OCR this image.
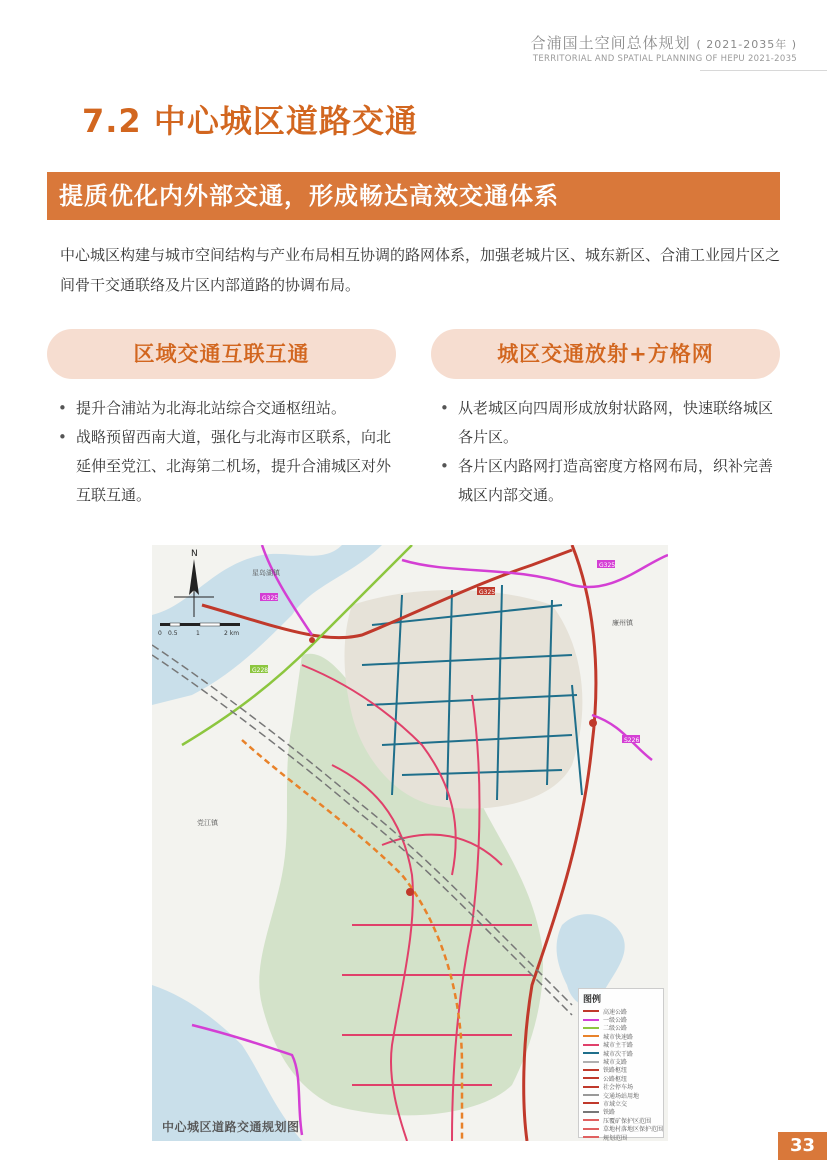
合浦国土空间总体规划 ( 2021-2035年 )
TERRITORIAL AND SPATIAL PLANNING OF HEPU 2021-2035
7.2 中心城区道路交通
提质优化内外部交通，形成畅达高效交通体系

中心城区构建与城市空间结构与产业布局相互协调的路网体系，加强老城片区、城东新区、合浦工业园片区之间骨干交通联络及片区内部道路的协调布局。

区域交通互联互通	城区交通放射+方格网
• 提升合浦站为北海北站综合交通枢纽站。
• 战略预留西南大道，强化与北海市区联系，向北延伸至党江、北海第二机场，提升合浦城区对外互联互通。
• 从老城区向四周形成放射状路网，快速联络城区各片区。
• 各片区内路网打造高密度方格网布局，织补完善城区内部交通。
N
0 0.5	1	2 km
G325
G325
G325
S226
G228
廉州镇
党江镇
星岛湖镇
中心城区道路交通规划图
图例
高速公路
一级公路
二级公路
城市快速路
城市主干路
城市次干路
城市支路
铁路枢纽
公路枢纽
社会停车场
交通场站用地
市域立交
铁路
压覆矿保护区范围
草地村落地区保护范围
规划范围	33
